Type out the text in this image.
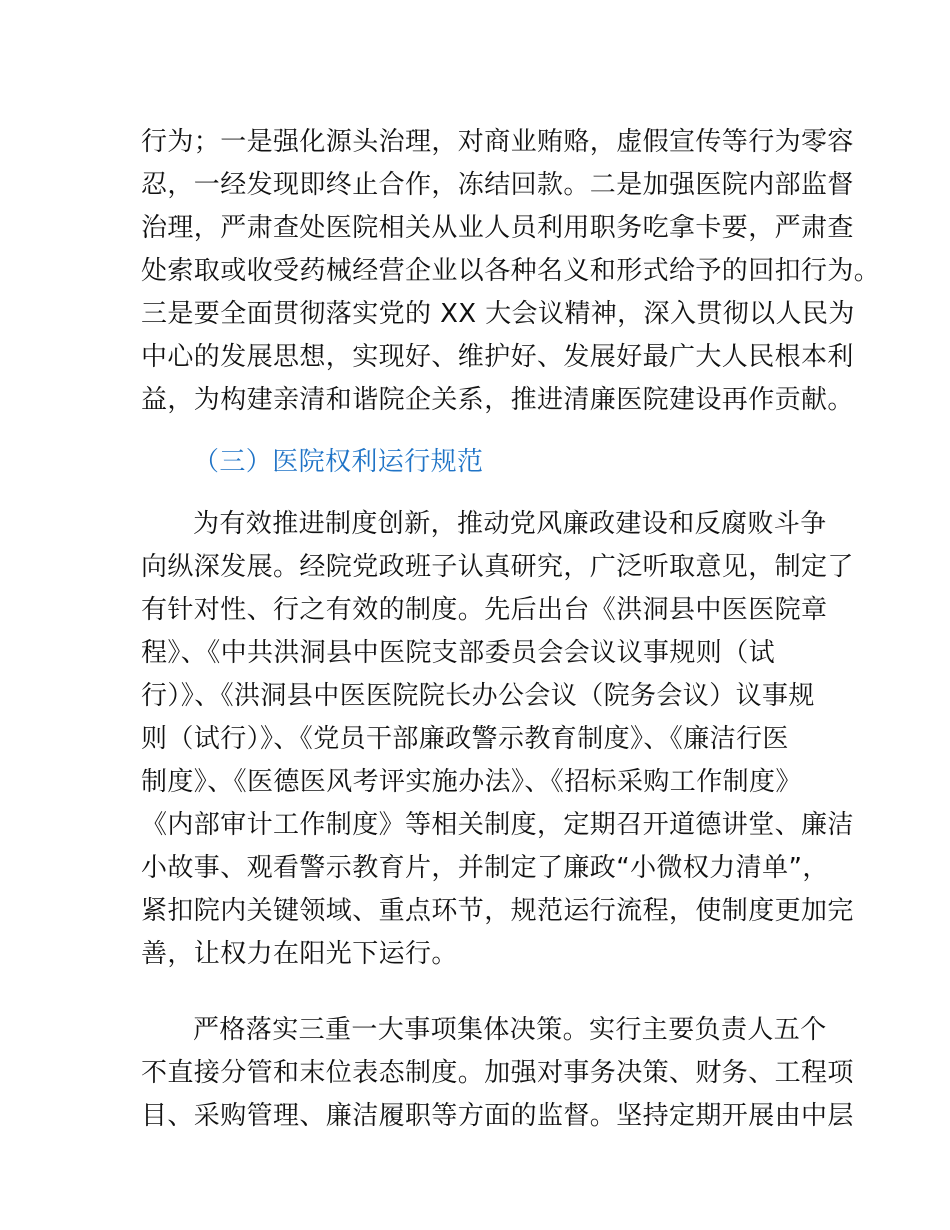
行为；一是强化源头治理，对商业贿赂，虚假宣传等行为零容
忍，一经发现即终止合作，冻结回款。二是加强医院内部监督
治理，严肃查处医院相关从业人员利用职务吃拿卡要，严肃查
处索取或收受药械经营企业以各种名义和形式给予的回扣行为。
三是要全面贯彻落实党的 XX 大会议精神，深入贯彻以人民为
中心的发展思想，实现好、维护好、发展好最广大人民根本利
益，为构建亲清和谐院企关系，推进清廉医院建设再作贡献。
（三）医院权利运行规范
为有效推进制度创新，推动党风廉政建设和反腐败斗争
向纵深发展。经院党政班子认真研究，广泛听取意见，制定了
有针对性、行之有效的制度。先后出台《洪洞县中医医院章
程》、《中共洪洞县中医院支部委员会会议议事规则（试
行）》、《洪洞县中医医院院长办公会议（院务会议）议事规
则（试行）》、《党员干部廉政警示教育制度》、《廉洁行医
制度》、《医德医风考评实施办法》、《招标采购工作制度》
《内部审计工作制度》等相关制度，定期召开道德讲堂、廉洁
小故事、观看警示教育片，并制定了廉政“小微权力清单”，
紧扣院内关键领域、重点环节，规范运行流程，使制度更加完
善，让权力在阳光下运行。
严格落实三重一大事项集体决策。实行主要负责人五个
不直接分管和末位表态制度。加强对事务决策、财务、工程项
目、采购管理、廉洁履职等方面的监督。坚持定期开展由中层
